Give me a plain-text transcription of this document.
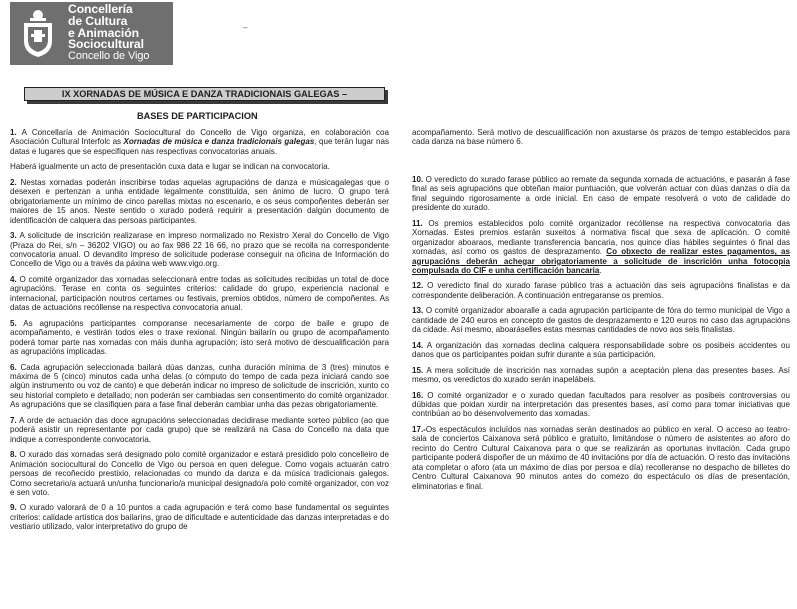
Concellería
de Cultura
e Animación
Sociocultural
Concello de Vigo
–
IX XORNADAS DE MÚSICA E DANZA TRADICIONAIS GALEGAS –
BASES DE PARTICIPACION

1. A Concellaría de Animación Sociocultural do Concello de Vigo organiza, en colaboración coa Asociación Cultural Interfolc as Xornadas de música e danza tradicionais galegas, que terán lugar nas datas e lugares que se especifiquen nas respectivas convocatorias anuais.

Haberá igualmente un acto de presentación cuxa data e lugar se indican na convocatoria.

2. Nestas xornadas poderán inscribirse todas aquelas agrupacións de danza e músicagalegas que o desexen e pertenzan a unha entidade legalmente constituída, sen ánimo de lucro. O grupo terá obrigatoriamente un mínimo de cinco parellas mixtas no escenario, e os seus compoñentes deberán ser maiores de 15 anos. Neste sentido o xurado poderá requirir a presentación dalgún documento de identificación de calquera das persoas participantes.

3. A solicitude de inscrición realizarase en impreso normalizado no Rexistro Xeral do Concello de Vigo (Praza do Rei, s/n – 36202 VIGO) ou ao fax 986 22 16 66, no prazo que se recolla na correspondente convocatoria anual. O devandito impreso de solicitude poderase conseguir na oficina de Información do Concello de Vigo ou a través da páxina web www.vigo.org.

4. O comité organizador das xornadas seleccionará entre todas as solicitudes recibidas un total de doce agrupacións. Terase en conta os seguintes criterios: calidade do grupo, experiencia nacional e internacional, participación noutros certames ou festivais, premios obtidos, número de compoñentes. As datas de actuacións recóllense na respectiva convocatoria anual.

5. As agrupacións participantes comporanse necesariamente de corpo de baile e grupo de acompañamento, e vestirán todos eles o traxe rexional. Ningún bailarín ou grupo de acompañamento poderá tomar parte nas xornadas con máis dunha agrupación; isto será motivo de descualificación para as agrupacións implicadas.

6. Cada agrupación seleccionada bailará dúas danzas, cunha duración mínima de 3 (tres) minutos e máxima de 5 (cinco) minutos cada unha delas (o cómputo do tempo de cada peza iniciará cando soe algún instrumento ou voz de canto) e que deberán indicar no impreso de solicitude de inscrición, xunto co seu historial completo e detallado; non poderán ser cambiadas sen consentimento do comité organizador. As agrupacións que se clasifiquen para a fase final deberán cambiar unha das pezas obrigatoriamente.

7. A orde de actuación das doce agrupacións seleccionadas decidirase mediante sorteo público (ao que poderá asistir un representante por cada grupo) que se realizará na Casa do Concello na data que indique a correspondente convocatoria.

8. O xurado das xornadas será designado polo comité organizador e estará presidido polo concelleiro de Animación sociocultural do Concello de Vigo ou persoa en quen delegue. Como vogais actuarán catro persoas de recoñecido prestixio, relacionadas co mundo da danza e da música tradicionais galegos. Como secretario/a actuará un/unha funcionario/a municipal designado/a polo comité organizador, con voz e sen voto.

9. O xurado valorará de 0 a 10 puntos a cada agrupación e terá como base fundamental os seguintes criterios: calidade artística dos bailaríns, grao de dificultade e autenticidade das danzas interpretadas e do vestiario utilizado, valor interpretativo do grupo de

acompañamento. Será motivo de descualificación non axustarse ós prazos de tempo establecidos para cada danza na base número 6.

10. O veredicto do xurado farase público ao remate da segunda xornada de actuacións, e pasarán á fase final as seis agrupacións que obteñan maior puntuación, que volverán actuar con dúas danzas o día da final seguindo rigorosamente a orde inicial. En caso de empate resolverá o voto de calidade do presidente do xurado.

11. Os premios establecidos polo comité organizador recóllense na respectiva convocatoria das Xornadas. Estes premios estarán suxeitos á normativa fiscal que sexa de aplicación. O comité organizador aboarаos, mediante transferencia bancaria, nos quince días hábiles seguintes ó final das xornadas, así como os gastos de desprazamento. Co obxecto de realizar estes pagamentos, as agrupacións deberán achegar obrigatoriamente a solicitude de inscrición unha fotocopia compulsada do CIF e unha certificación bancaria.

12. O veredicto final do xurado farase público tras a actuación das seis agrupacións finalistas e da correspondente deliberación. A continuación entregaranse os premios.

13. O comité organizador aboaralle a cada agrupación participante de fóra do termo municipal de Vigo a cantidade de 240 euros en concepto de gastos de desprazamento e 120 euros no caso das agrupacións da cidade. Así mesmo, aboaráselles estas mesmas cantidades de novo aos seis finalistas.

14. A organización das xornadas declina calquera responsabilidade sobre os posibeis accidentes ou danos que os participantes poidan sufrir durante a súa participación.

15. A mera solicitude de inscrición nas xornadas supón a aceptación plena das presentes bases. Así mesmo, os veredictos do xurado serán inapelábeis.

16. O comité organizador e o xurado quedan facultados para resolver as posibeis controversias ou dúbidas que poidan xurdir na interpretación das presentes bases, así como para tomar iniciativas que contribúan ao bo desenvolvemento das xornadas.

17.-Os espectáculos incluídos nas xornadas serán destinados ao público en xeral. O acceso ao teatro-sala de conciertos Caixanova será público e gratuíto, limitándose o número de asistentes ao aforo do recinto do Centro Cultural Caixanova para o que se realizarán as oportunas invitación. Cada grupo participante poderá dispoñer de un máximo de 40 invitacións por día de actuación. O resto das invitacións ata completar o aforo (ata un máximo de días por persoa e día) recolleranse no despacho de billetes do Centro Cultural Caixanova 90 minutos antes do comezo do espectáculo os días de presentación, eliminatorias e final.
